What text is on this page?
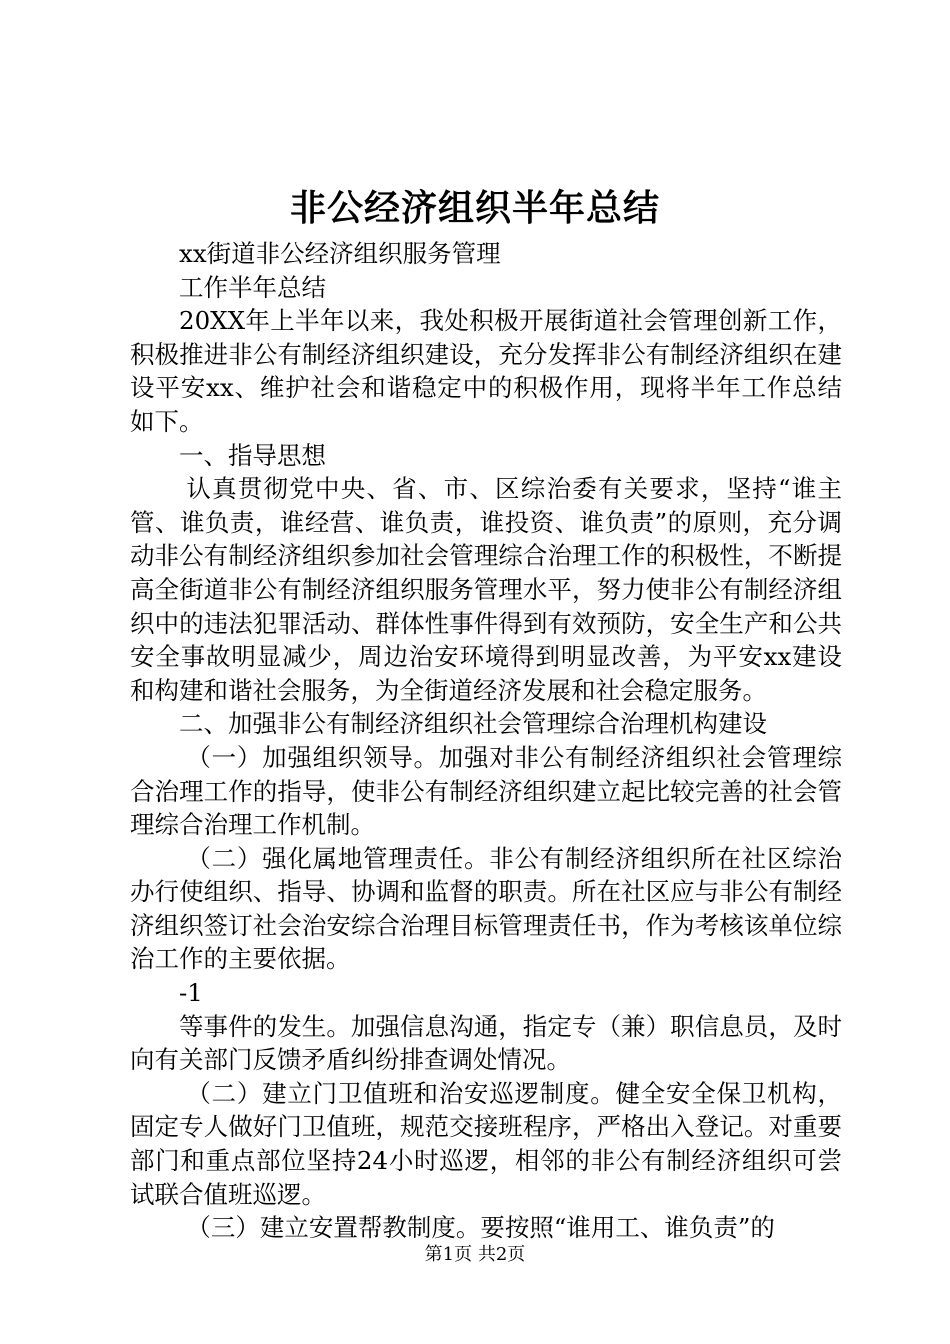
非公经济组织半年总结

xx街道非公经济组织服务管理

工作半年总结

20XX年上半年以来，我处积极开展街道社会管理创新工作，积极推进非公有制经济组织建设，充分发挥非公有制经济组织在建设平安xx、维护社会和谐稳定中的积极作用，现将半年工作总结如下。

一、指导思想

认真贯彻党中央、省、市、区综治委有关要求，坚持“谁主管、谁负责，谁经营、谁负责，谁投资、谁负责”的原则，充分调动非公有制经济组织参加社会管理综合治理工作的积极性，不断提高全街道非公有制经济组织服务管理水平，努力使非公有制经济组织中的违法犯罪活动、群体性事件得到有效预防，安全生产和公共安全事故明显减少，周边治安环境得到明显改善，为平安xx建设和构建和谐社会服务，为全街道经济发展和社会稳定服务。

二、加强非公有制经济组织社会管理综合治理机构建设

（一）加强组织领导。加强对非公有制经济组织社会管理综合治理工作的指导，使非公有制经济组织建立起比较完善的社会管理综合治理工作机制。

（二）强化属地管理责任。非公有制经济组织所在社区综治办行使组织、指导、协调和监督的职责。所在社区应与非公有制经济组织签订社会治安综合治理目标管理责任书，作为考核该单位综治工作的主要依据。

-1

等事件的发生。加强信息沟通，指定专（兼）职信息员，及时向有关部门反馈矛盾纠纷排查调处情况。

（二）建立门卫值班和治安巡逻制度。健全安全保卫机构，固定专人做好门卫值班，规范交接班程序，严格出入登记。对重要部门和重点部位坚持24小时巡逻，相邻的非公有制经济组织可尝试联合值班巡逻。

（三）建立安置帮教制度。要按照“谁用工、谁负责”的

第1页 共2页
